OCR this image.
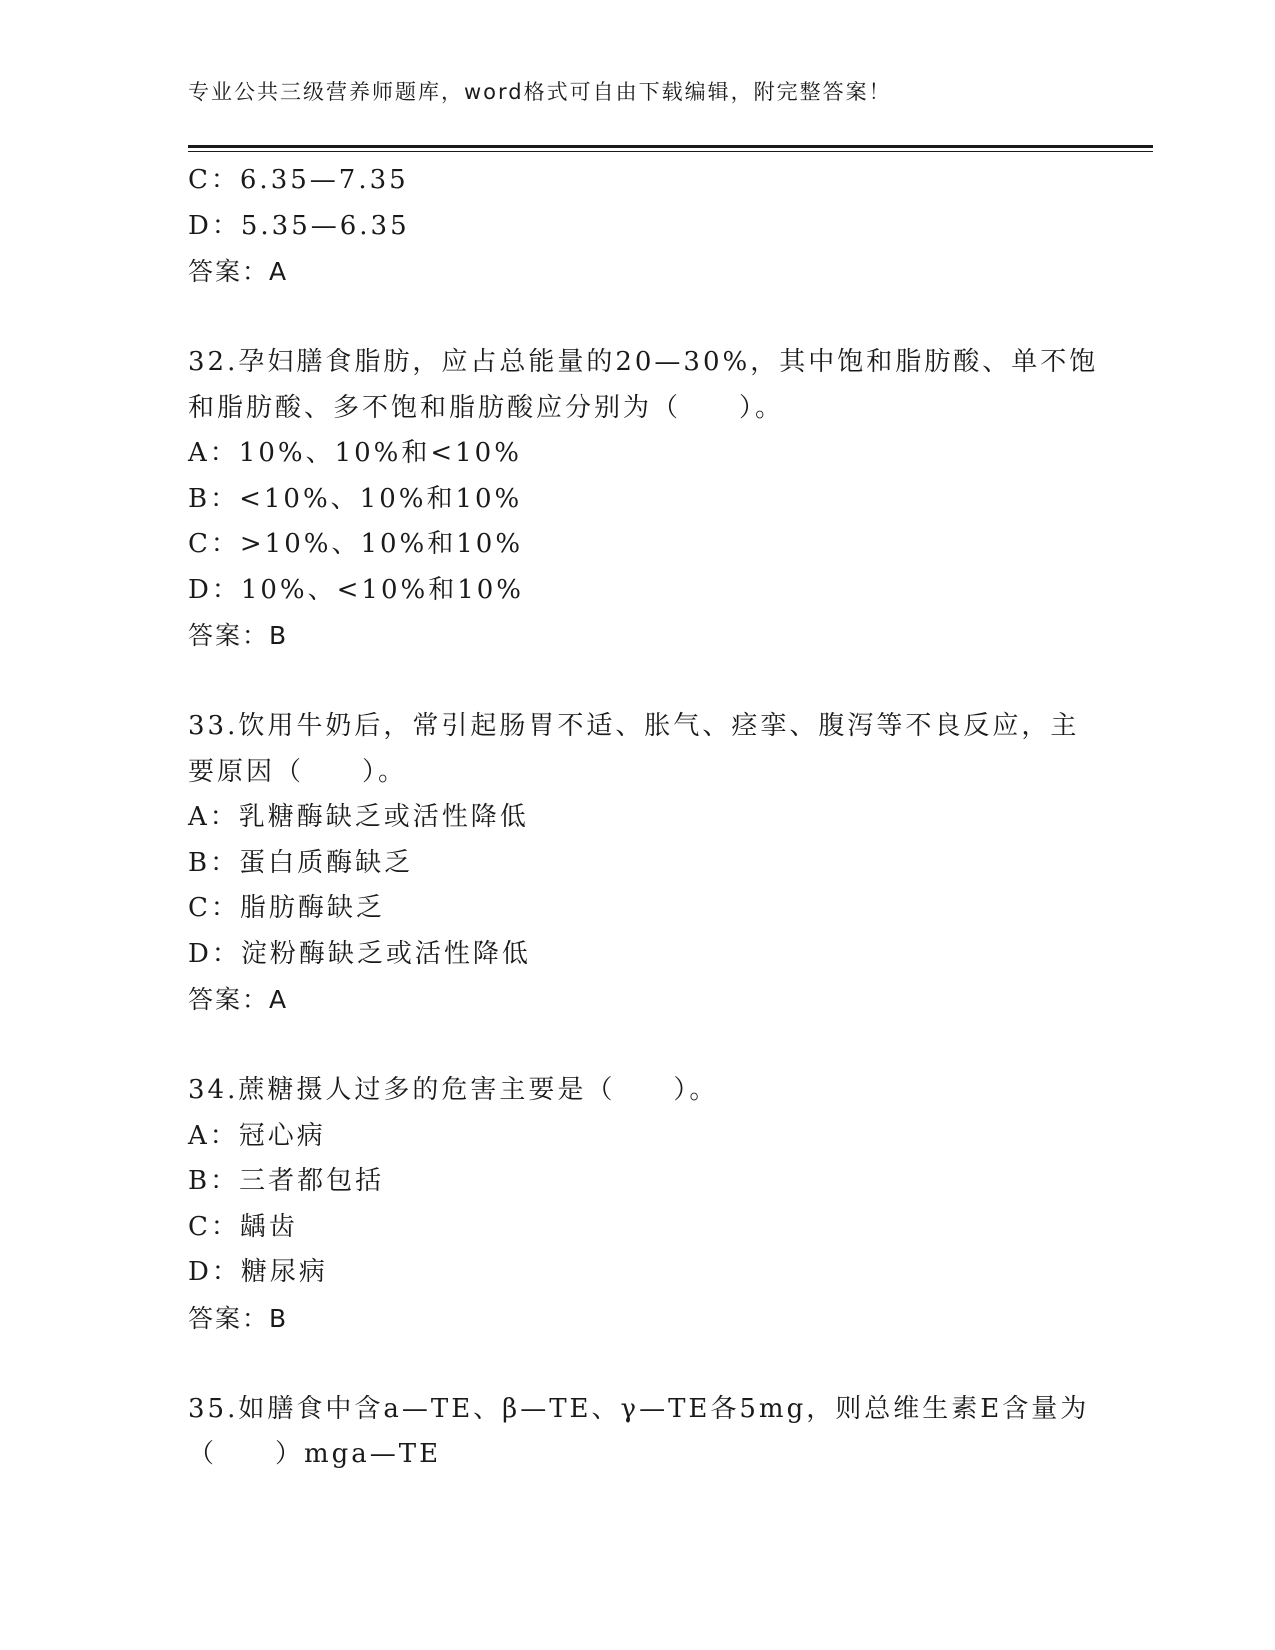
专业公共三级营养师题库，word格式可自由下载编辑，附完整答案！
C：6.35—7.35
D：5.35—6.35
答案：A
32.孕妇膳食脂肪，应占总能量的20—30%，其中饱和脂肪酸、单不饱
和脂肪酸、多不饱和脂肪酸应分别为（　　）。
A：10%、10%和<10%
B：<10%、10%和10%
C：>10%、10%和10%
D：10%、<10%和10%
答案：B
33.饮用牛奶后，常引起肠胃不适、胀气、痉挛、腹泻等不良反应，主
要原因（　　）。
A：乳糖酶缺乏或活性降低
B：蛋白质酶缺乏
C：脂肪酶缺乏
D：淀粉酶缺乏或活性降低
答案：A
34.蔗糖摄人过多的危害主要是（　　）。
A：冠心病
B：三者都包括
C：龋齿
D：糖尿病
答案：B
35.如膳食中含a—TE、β—TE、γ—TE各5mg，则总维生素E含量为
（　　）mga—TE
